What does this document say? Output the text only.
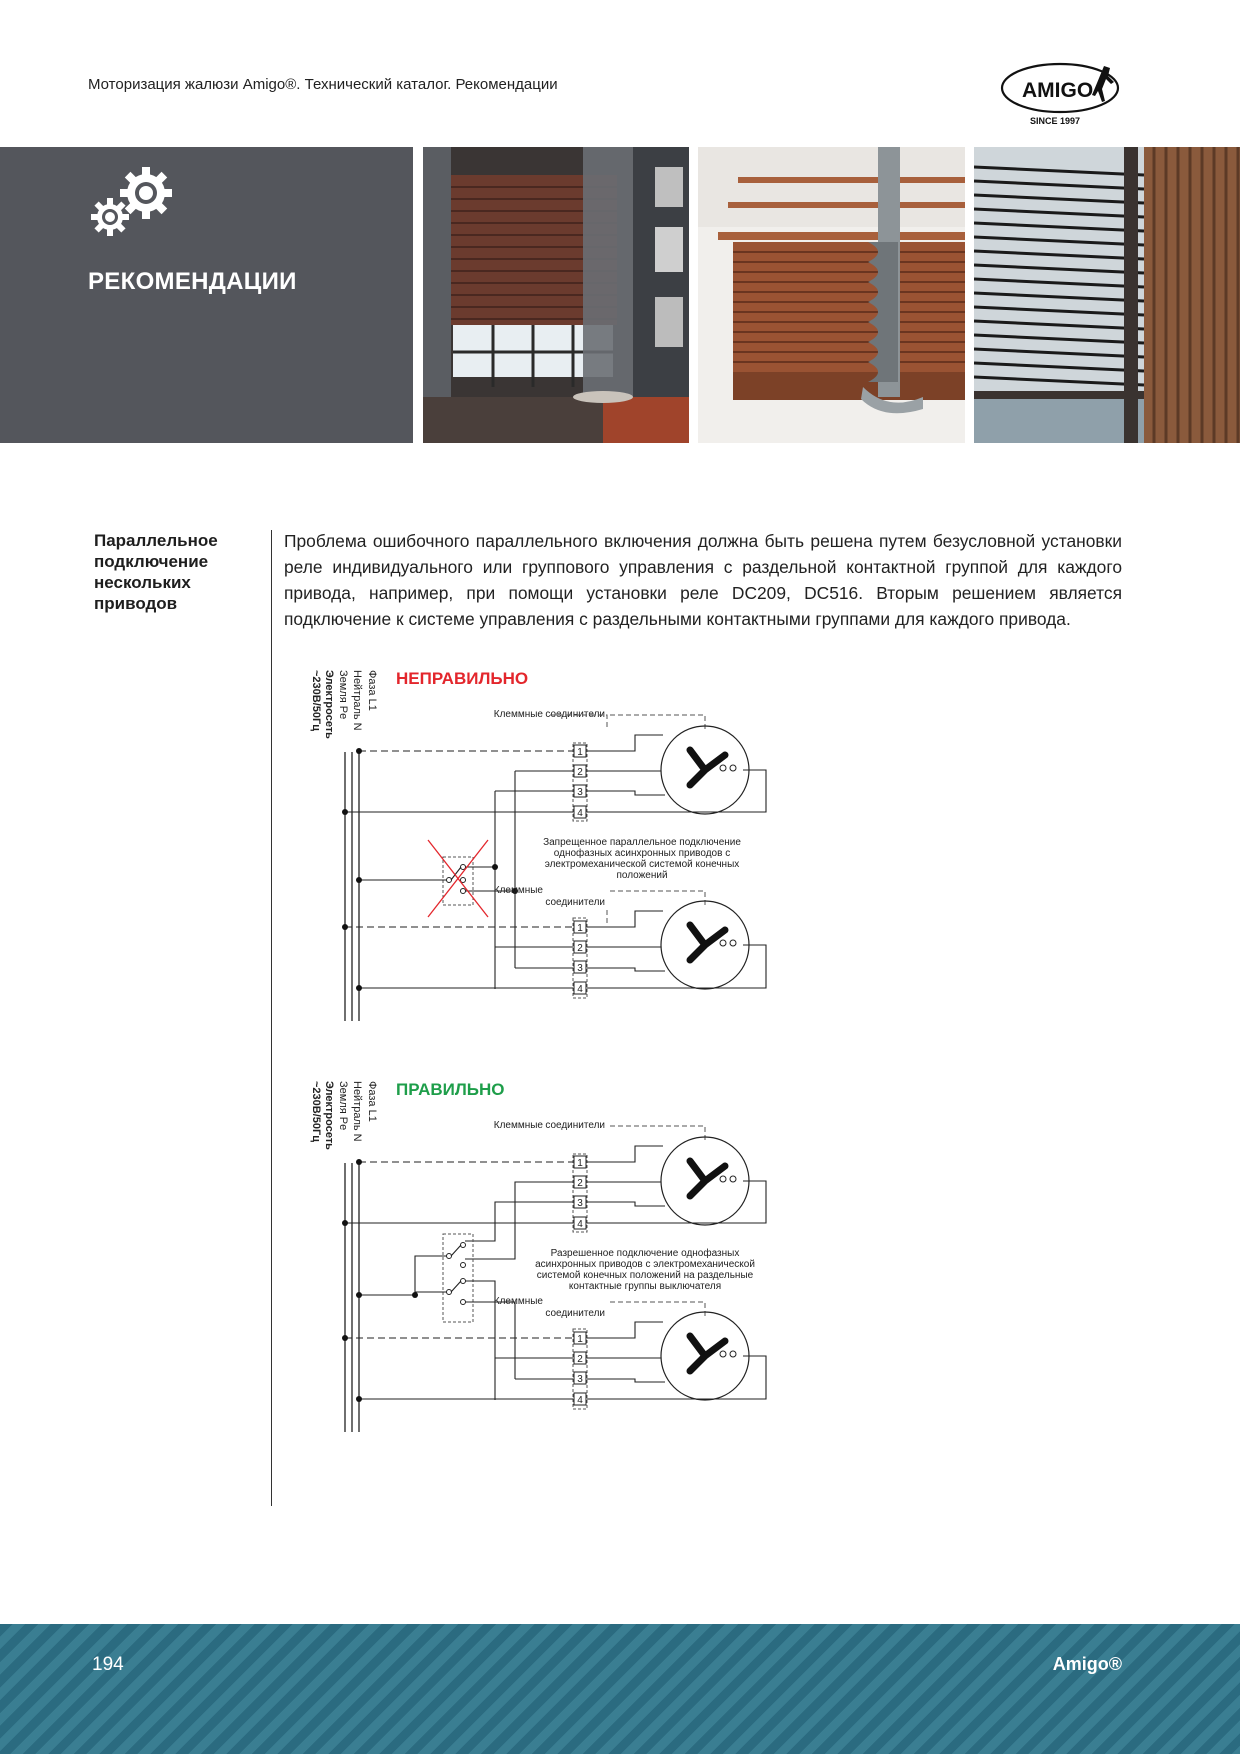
Моторизация жалюзи Amigo®. Технический каталог. Рекомендации	AMIGO
SINCE 1997
РЕКОМЕНДАЦИИ
Параллельное подключение нескольких приводов
Проблема ошибочного параллельного включения должна быть решена путем безусловной установки реле индивидуального или группового управления с раздельной контактной группой для каждого привода, например, при помощи установки реле DC209, DC516. Вторым решением является подключение к системе управления с раздельными контактными группами для каждого привода.
Фаза L1
Нейтраль N
Земля Pe
Электросеть
~230В/50Гц	НЕПРАВИЛЬНО
Клеммные соединители
1
2
3
4
Запрещенное параллельное подключение
однофазных асинхронных приводов с
электромеханической системой конечных
положений
Клеммные
соединители
1
2
3
4
Фаза L1
Нейтраль N
Земля Pe
Электросеть
~230В/50Гц	ПРАВИЛЬНО
Клеммные соединители
1
2
3
4
Разрешенное подключение однофазных
асинхронных приводов с электромеханической
системой конечных положений на раздельные
контактные группы выключателя
Клеммные
соединители
1
2
3
4
194	Amigo®
